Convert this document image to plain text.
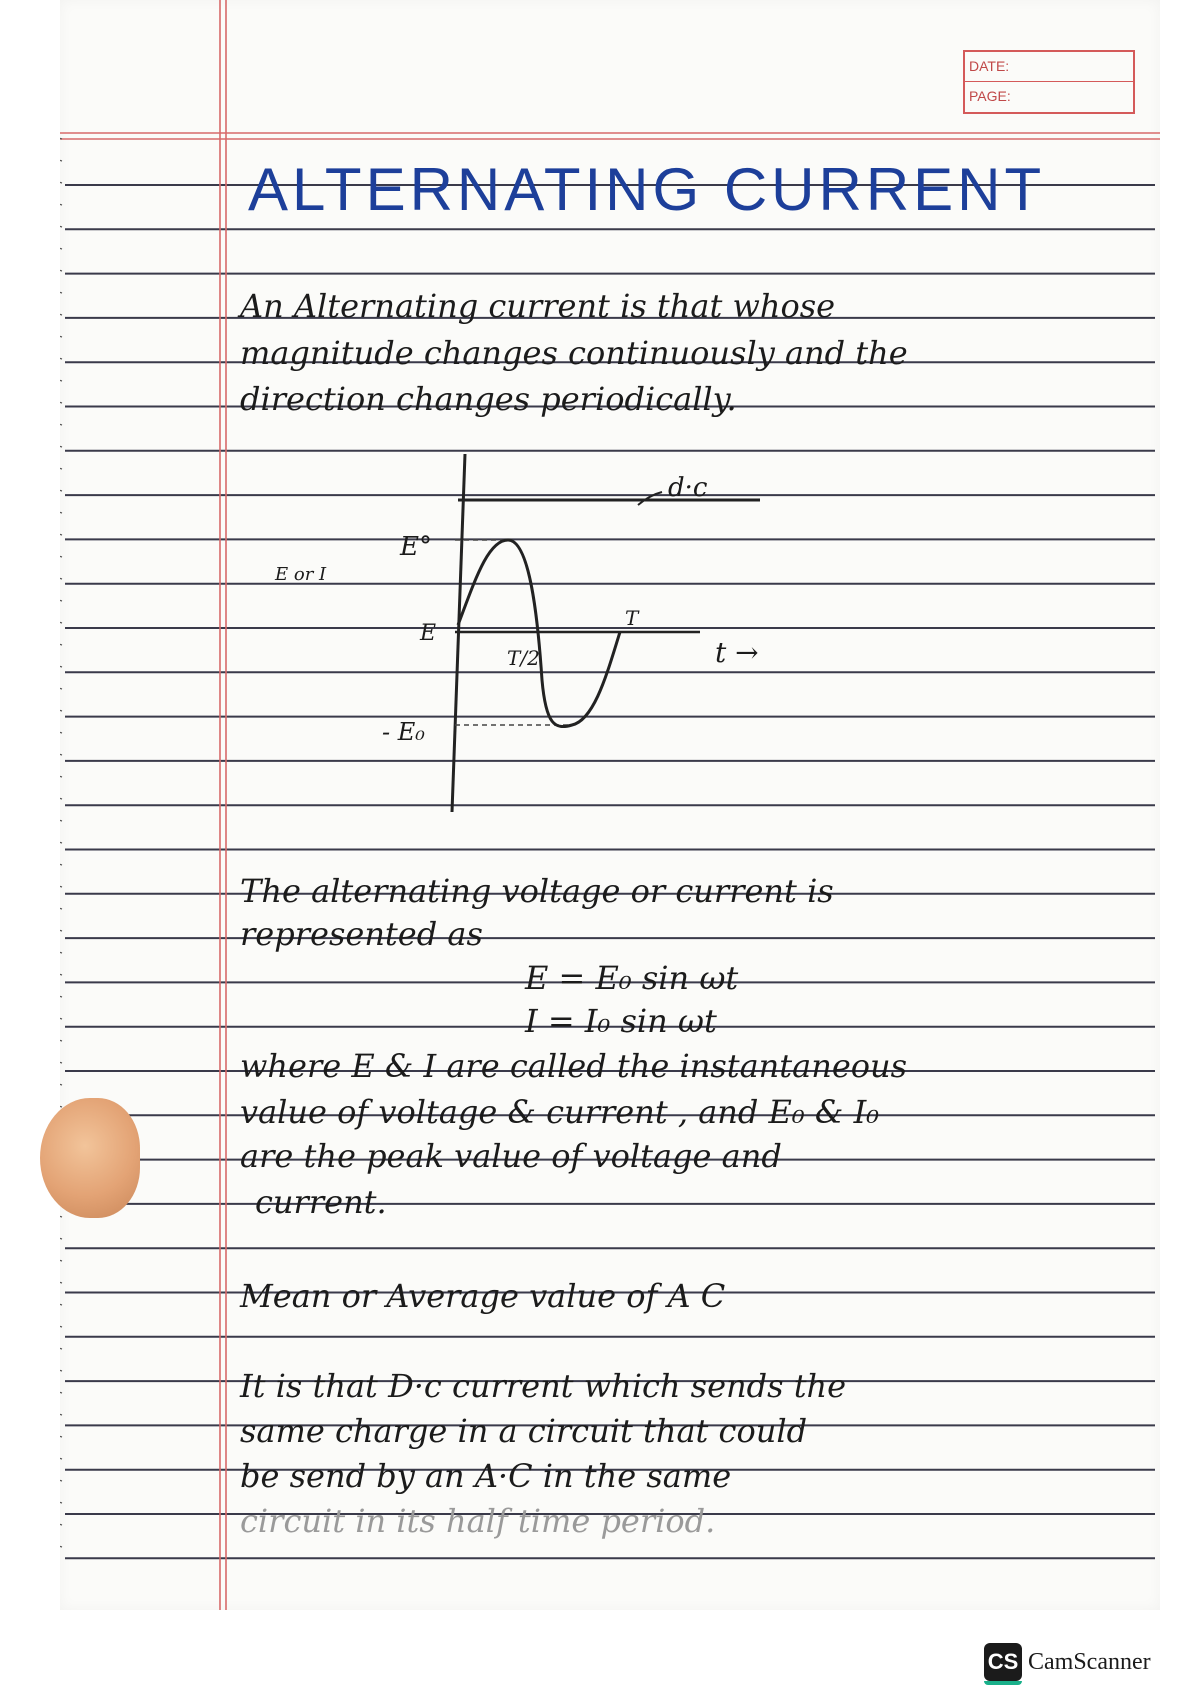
DATE:
PAGE:
ALTERNATING CURRENT
An Alternating current is that whose
magnitude changes continuously and the
direction changes periodically.
d·c
E or I
E°
E
- E₀
T/2
T
t →
The alternating voltage or current is
represented as
E = E₀ sin ωt
I = I₀ sin ωt
where E & I are called the instantaneous
value of voltage & current , and E₀ & I₀
are the peak value of voltage and
current.
Mean or Average value of A C
It is that D·c current which sends the
same charge in a circuit that could
be send by an A·C in the same
circuit in its half time period.
CS CamScanner
